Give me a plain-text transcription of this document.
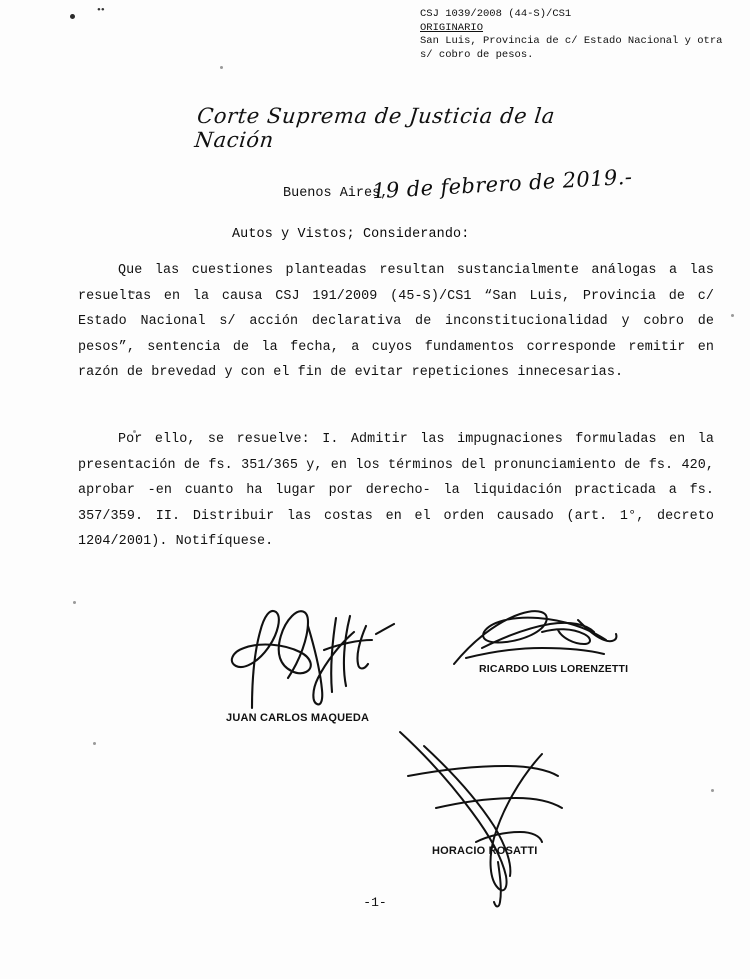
•‍•	CSJ 1039/2008 (44-S)/CS1
ORIGINARIO
San Luis, Provincia de c/ Estado Nacional y otra
s/ cobro de pesos.
Corte Suprema de Justicia de la Nación
Buenos Aires,
19 de febrero de 2019.-
Autos y Vistos; Considerando:
Que las cuestiones planteadas resultan sustancialmente análogas a las resueltas en la causa CSJ 191/2009 (45-S)/CS1 “San Luis, Provincia de c/ Estado Nacional s/ acción declarativa de inconstitucionalidad y cobro de pesos”, sentencia de la fecha, a cuyos fundamentos corresponde remitir en razón de brevedad y con el fin de evitar repeticiones innecesarias.
Por ello, se resuelve: I. Admitir las impugnaciones formuladas en la presentación de fs. 351/365 y, en los términos del pronunciamiento de fs. 420, aprobar -en cuanto ha lugar por derecho- la liquidación practicada a fs. 357/359. II. Distribuir las costas en el orden causado (art. 1°, decreto 1204/2001). Notifíquese.
JUAN CARLOS MAQUEDA
RICARDO LUIS LORENZETTI
HORACIO ROSATTI
-1-
